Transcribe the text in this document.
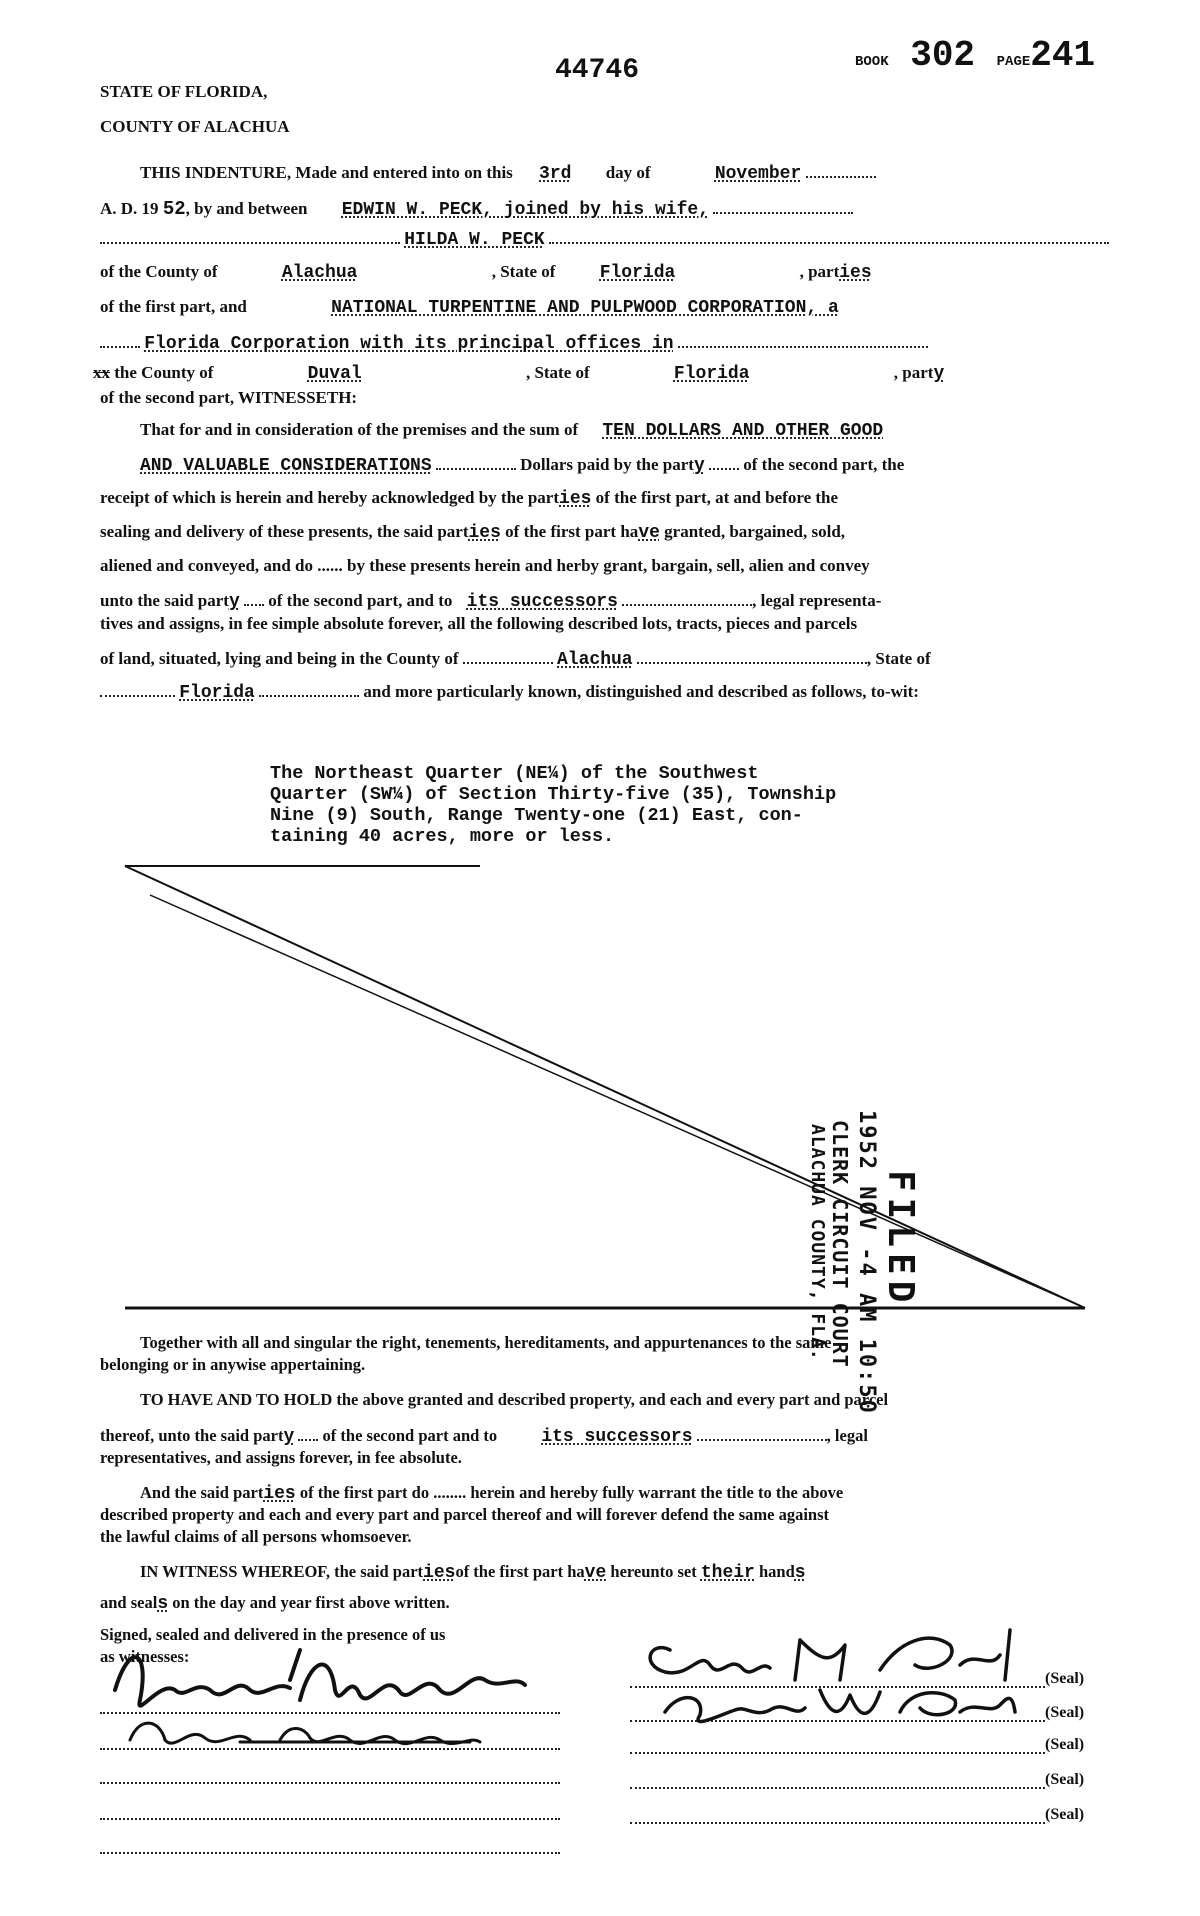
44746	BOOK 302 PAGE241
STATE OF FLORIDA,
COUNTY OF ALACHUA
THIS INDENTURE, Made and entered into on this 3rd day of	November
A. D. 19 52, by and between EDWIN W. PECK, joined by his wife,
HILDA W. PECK
of the County of	Alachua	, State of Florida	, parties
of the first part, and	NATIONAL TURPENTINE AND PULPWOOD CORPORATION, a
Florida Corporation with its principal offices in
xx the County of	Duval	, State of	Florida	, party
of the second part, WITNESSETH:
That for and in consideration of the premises and the sum of TEN DOLLARS AND OTHER GOOD
AND VALUABLE CONSIDERATIONS	Dollars paid by the party of the second part, the
receipt of which is herein and hereby acknowledged by the parties of the first part, at and before the
sealing and delivery of these presents, the said parties of the first part have granted, bargained, sold,
aliened and conveyed, and do ...... by these presents herein and herby grant, bargain, sell, alien and convey
unto the said party of the second part, and to its successors	, legal representa-
tives and assigns, in fee simple absolute forever, all the following described lots, tracts, pieces and parcels
of land, situated, lying and being in the County of	Alachua	, State of
Florida	and more particularly known, distinguished and described as follows, to-wit:
The Northeast Quarter (NE¼) of the Southwest
Quarter (SW¼) of Section Thirty-five (35), Township
Nine (9) South, Range Twenty-one (21) East, con-
taining 40 acres, more or less.
FILED
1952 NOV -4 AM 10:50
CLERK CIRCUIT COURT
ALACHUA COUNTY, FLA.
Together with all and singular the right, tenements, hereditaments, and appurtenances to the same
belonging or in anywise appertaining.
TO HAVE AND TO HOLD the above granted and described property, and each and every part and parcel
thereof, unto the said party of the second part and to its successors	, legal
representatives, and assigns forever, in fee absolute.
And the said parties of the first part do ........ herein and hereby fully warrant the title to the above
described property and each and every part and parcel thereof and will forever defend the same against
the lawful claims of all persons whomsoever.
IN WITNESS WHEREOF, the said partiesof the first part have hereunto set their hands
and seals on the day and year first above written.
Signed, sealed and delivered in the presence of us
as witnesses:
(Seal)
(Seal)
(Seal)
(Seal)
(Seal)
